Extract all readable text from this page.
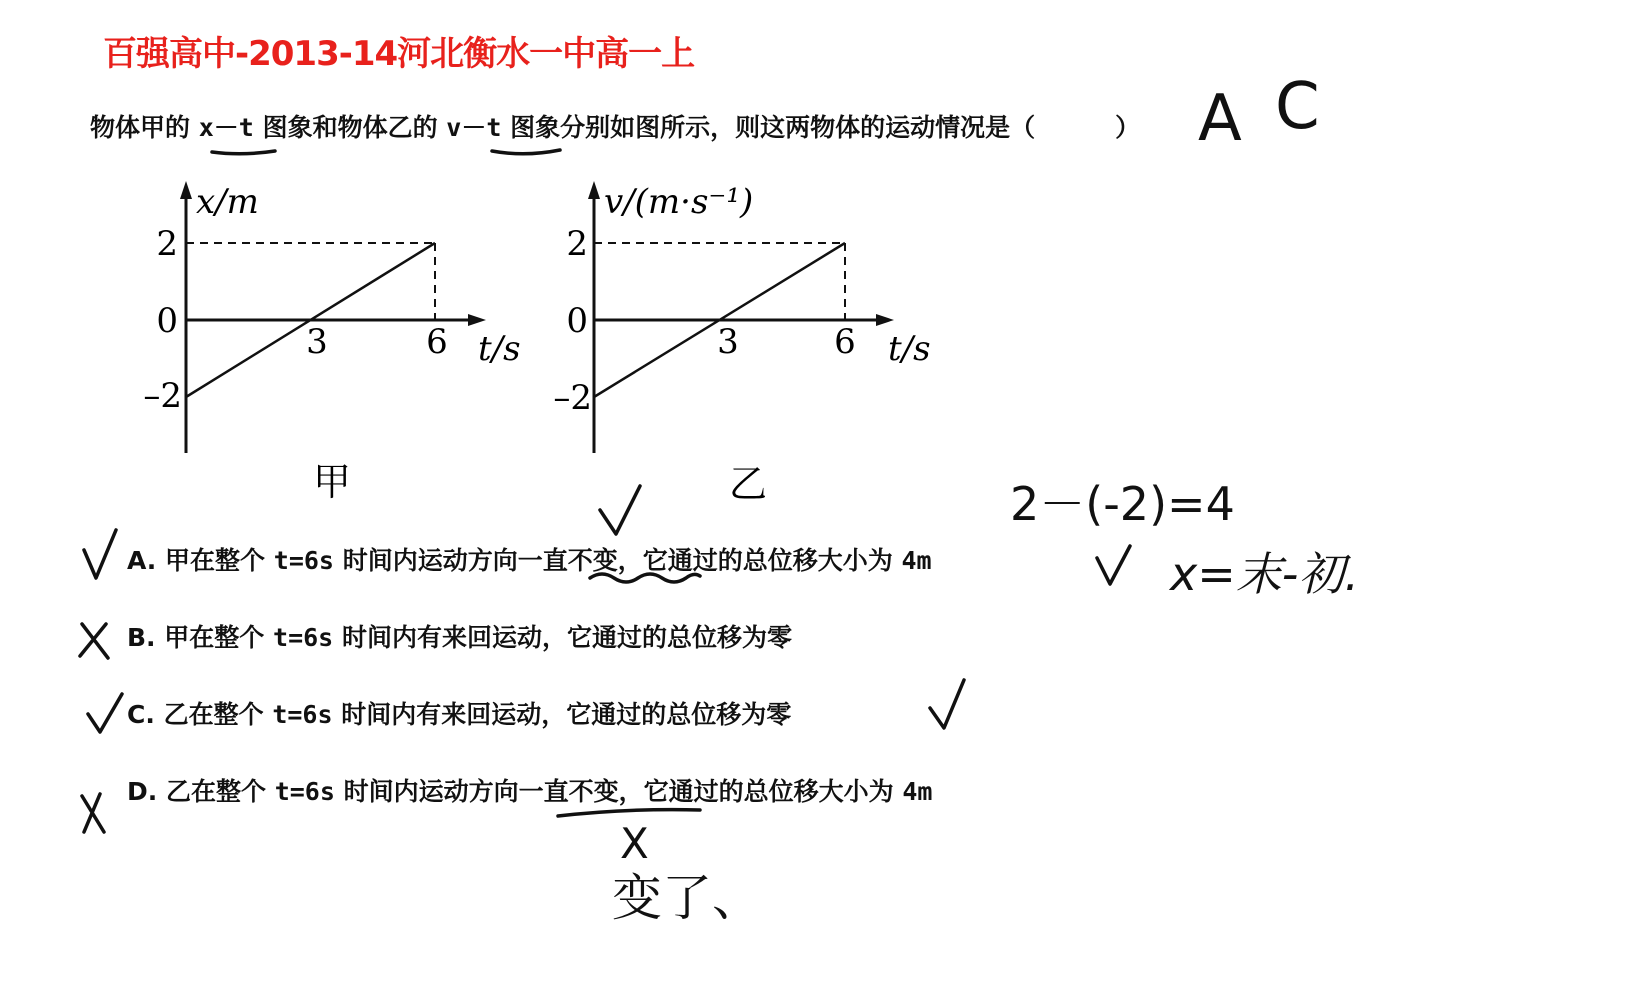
百强高中-2013-14河北衡水一中高一上
物体甲的 x－t 图象和物体乙的 v－t 图象分别如图所示，则这两物体的运动情况是（	）
x/m
2
0
–2
3	6 t/s
甲
v/(m·s⁻¹)
2
0
–2
3	6 t/s
乙
A. 甲在整个 t=6s 时间内运动方向一直不变，它通过的总位移大小为 4m
B. 甲在整个 t=6s 时间内有来回运动，它通过的总位移为零
C. 乙在整个 t=6s 时间内有来回运动，它通过的总位移为零
D. 乙在整个 t=6s 时间内运动方向一直不变，它通过的总位移大小为 4m
A C
2－(-2)=4
x=末-初.
X
变了、
